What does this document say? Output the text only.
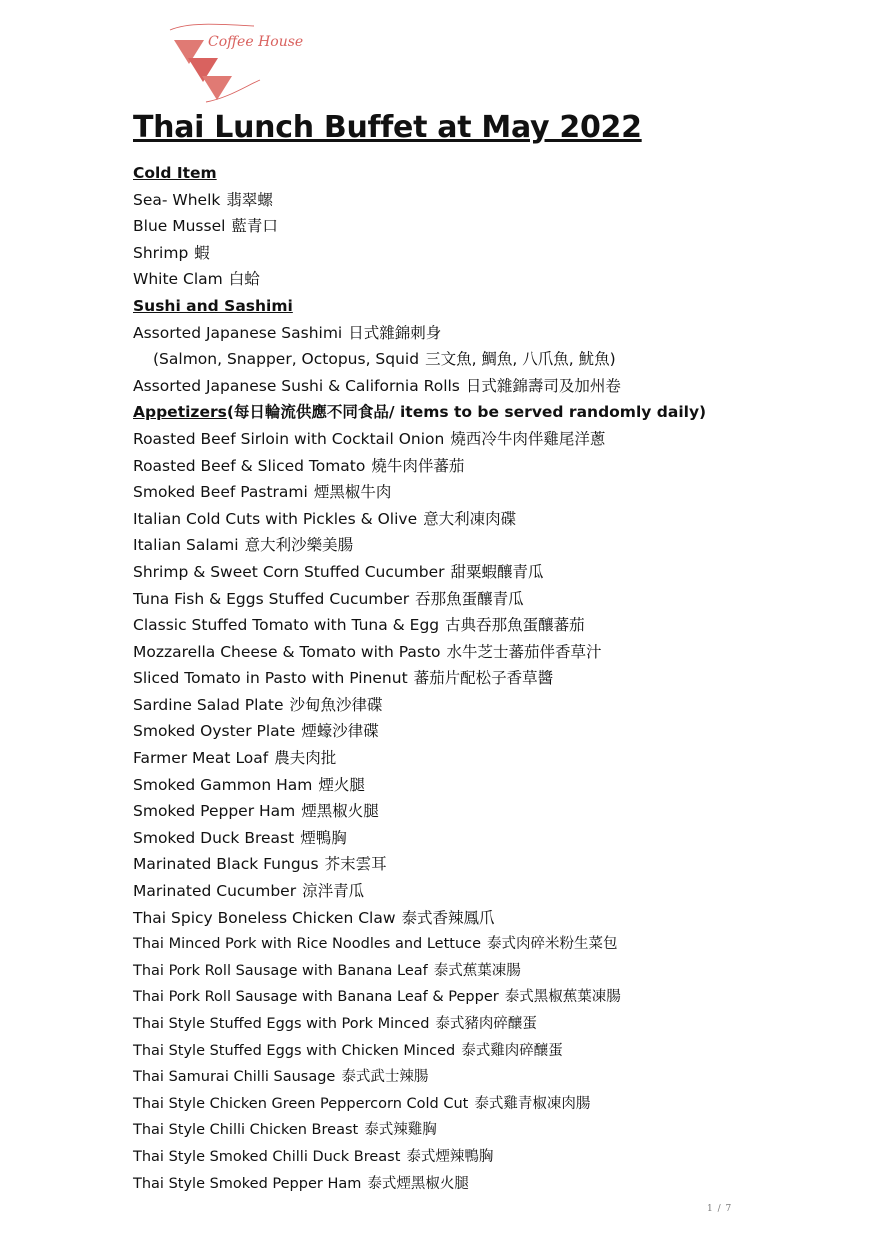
Coffee House
Thai Lunch Buffet at May 2022
Cold Item
Sea- Whelk 翡翠螺
Blue Mussel 藍青口
Shrimp 蝦
White Clam 白蛤
Sushi and Sashimi
Assorted Japanese Sashimi 日式雜錦刺身
(Salmon, Snapper, Octopus, Squid 三文魚, 鯛魚, 八爪魚, 魷魚)
Assorted Japanese Sushi & California Rolls 日式雜錦壽司及加州卷
Appetizers(每日輪流供應不同食品/ items to be served randomly daily)
Roasted Beef Sirloin with Cocktail Onion 燒西冷牛肉伴雞尾洋蔥
Roasted Beef & Sliced Tomato 燒牛肉伴蕃茄
Smoked Beef Pastrami 煙黑椒牛肉
Italian Cold Cuts with Pickles & Olive 意大利凍肉碟
Italian Salami 意大利沙樂美腸
Shrimp & Sweet Corn Stuffed Cucumber 甜粟蝦釀青瓜
Tuna Fish & Eggs Stuffed Cucumber 吞那魚蛋釀青瓜
Classic Stuffed Tomato with Tuna & Egg 古典吞那魚蛋釀蕃茄
Mozzarella Cheese & Tomato with Pasto 水牛芝士蕃茄伴香草汁
Sliced Tomato in Pasto with Pinenut 蕃茄片配松子香草醬
Sardine Salad Plate 沙甸魚沙律碟
Smoked Oyster Plate 煙蠔沙律碟
Farmer Meat Loaf 農夫肉批
Smoked Gammon Ham 煙火腿
Smoked Pepper Ham 煙黑椒火腿
Smoked Duck Breast 煙鴨胸
Marinated Black Fungus 芥末雲耳
Marinated Cucumber 涼泮青瓜
Thai Spicy Boneless Chicken Claw 泰式香辣鳳爪
Thai Minced Pork with Rice Noodles and Lettuce 泰式肉碎米粉生菜包
Thai Pork Roll Sausage with Banana Leaf 泰式蕉葉凍腸
Thai Pork Roll Sausage with Banana Leaf & Pepper 泰式黑椒蕉葉凍腸
Thai Style Stuffed Eggs with Pork Minced 泰式豬肉碎釀蛋
Thai Style Stuffed Eggs with Chicken Minced 泰式雞肉碎釀蛋
Thai Samurai Chilli Sausage 泰式武士辣腸
Thai Style Chicken Green Peppercorn Cold Cut 泰式雞青椒凍肉腸
Thai Style Chilli Chicken Breast 泰式辣雞胸
Thai Style Smoked Chilli Duck Breast 泰式煙辣鴨胸
Thai Style Smoked Pepper Ham 泰式煙黑椒火腿
1 / 7
